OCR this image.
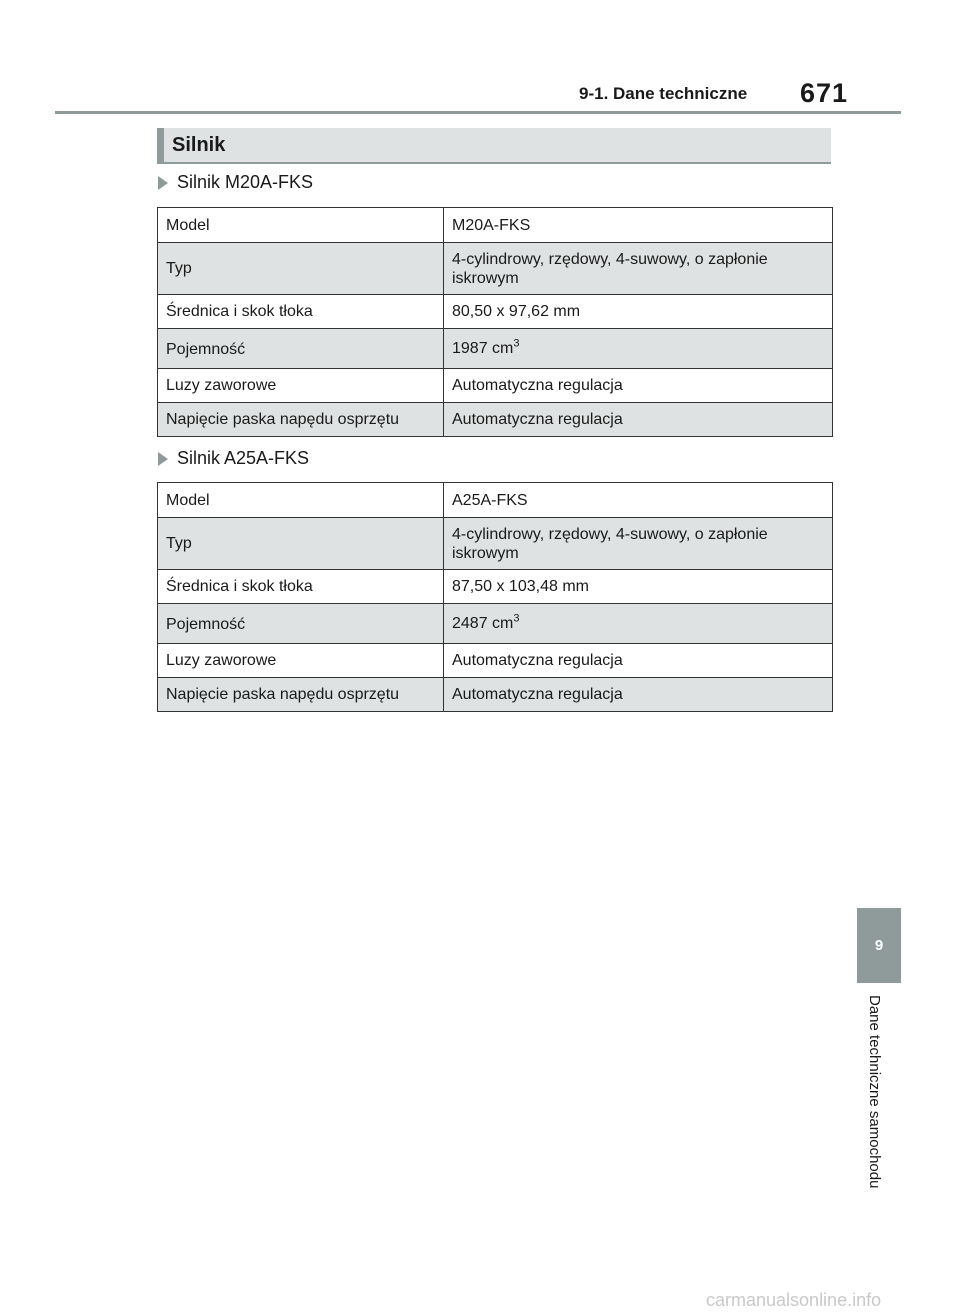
9-1. Dane techniczne 671
Silnik
Silnik M20A-FKS
Model	M20A-FKS
Typ	4-cylindrowy, rzędowy, 4-suwowy, o zapłonie iskrowym
Średnica i skok tłoka	80,50 x 97,62 mm
Pojemność	1987 $cm^3$
Luzy zaworowe	Automatyczna regulacja
Napięcie paska napędu osprzętu	Automatyczna regulacja
Silnik A25A-FKS
Model	A25A-FKS
Typ	4-cylindrowy, rzędowy, 4-suwowy, o zapłonie iskrowym
Średnica i skok tłoka	87,50 x 103,48 mm
Pojemność	2487 $cm^3$
Luzy zaworowe	Automatyczna regulacja
Napięcie paska napędu osprzętu	Automatyczna regulacja
9
Dane techniczne samochodu
carmanualsonline.info
